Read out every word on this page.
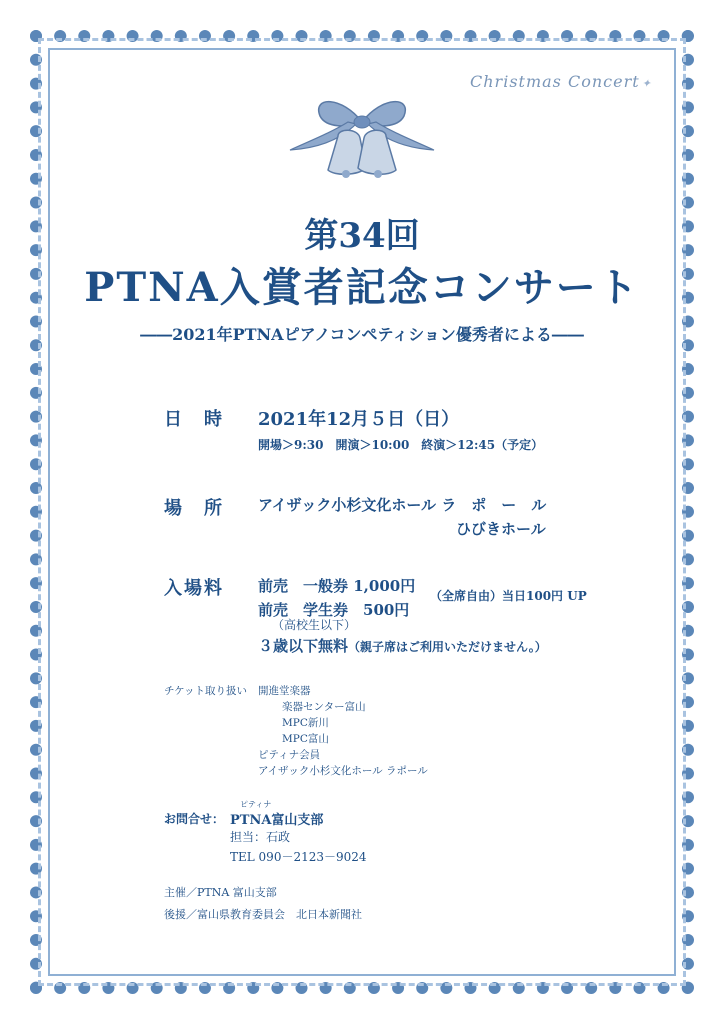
Christmas Concert ✦
第34回
PTNA入賞者記念コンサート
――2021年PTNAピアノコンペティション優秀者による――
日　時 2021年12月５日（日）
開場＞9:30　開演＞10:00　終演＞12:45（予定）
場　所 アイザック小杉文化ホール ラ　ポ　ー　ル
ひびきホール
入場料 前売　一般券 1,000円
前売　学生券　500円
（高校生以下）
（全席自由）当日100円 UP
３歳以下無料（親子席はご利用いただけません。）
チケット取り扱い 開進堂楽器
楽器センター富山
MPC新川
MPC富山
ピティナ会員
アイザック小杉文化ホール ラポール
お問合せ：
ピティナ
PTNA富山支部
担当：石政
TEL 090－2123－9024
主催／PTNA 富山支部
後援／富山県教育委員会　北日本新聞社
